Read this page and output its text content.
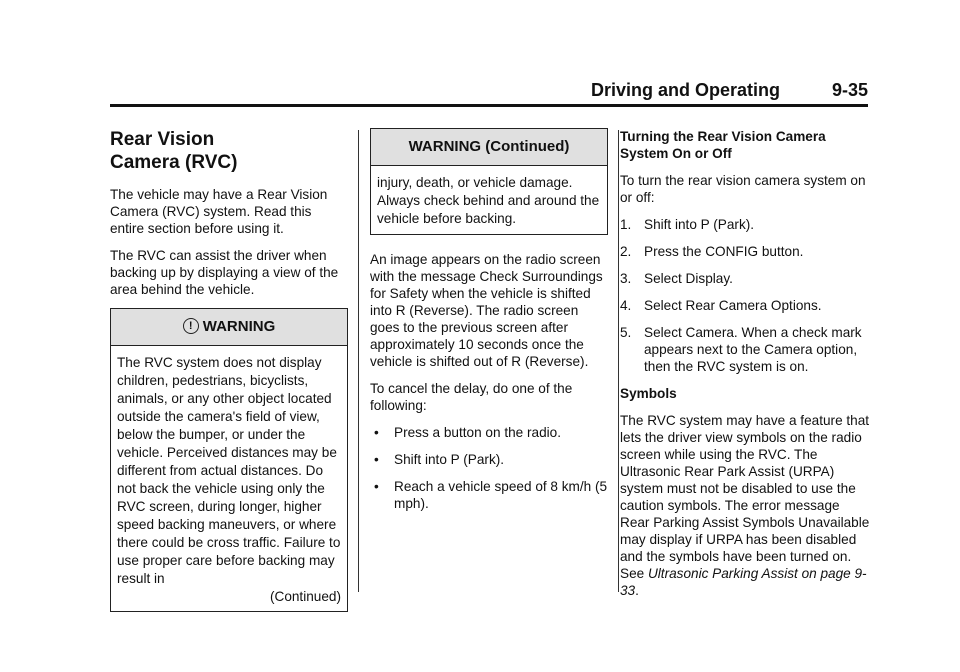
Driving and Operating	9-35
Rear Vision
Camera (RVC)

The vehicle may have a Rear Vision Camera (RVC) system. Read this entire section before using it.

The RVC can assist the driver when backing up by displaying a view of the area behind the vehicle.

! WARNING
The RVC system does not display children, pedestrians, bicyclists, animals, or any other object located outside the camera's field of view, below the bumper, or under the vehicle. Perceived distances may be different from actual distances. Do not back the vehicle using only the RVC screen, during longer, higher speed backing maneuvers, or where there could be cross traffic. Failure to use proper care before backing may result in
(Continued)
WARNING (Continued)
injury, death, or vehicle damage. Always check behind and around the vehicle before backing.

An image appears on the radio screen with the message Check Surroundings for Safety when the vehicle is shifted into R (Reverse). The radio screen goes to the previous screen after approximately 10 seconds once the vehicle is shifted out of R (Reverse).

To cancel the delay, do one of the following:

• Press a button on the radio.
• Shift into P (Park).
• Reach a vehicle speed of 8 km/h (5 mph).

Turning the Rear Vision Camera System On or Off

To turn the rear vision camera system on or off:

1. Shift into P (Park).
2. Press the CONFIG button.
3. Select Display.
4. Select Rear Camera Options.
5. Select Camera. When a check mark appears next to the Camera option, then the RVC system is on.

Symbols

The RVC system may have a feature that lets the driver view symbols on the radio screen while using the RVC. The Ultrasonic Rear Park Assist (URPA) system must not be disabled to use the caution symbols. The error message Rear Parking Assist Symbols Unavailable may display if URPA has been disabled and the symbols have been turned on. See Ultrasonic Parking Assist on page 9-33.
